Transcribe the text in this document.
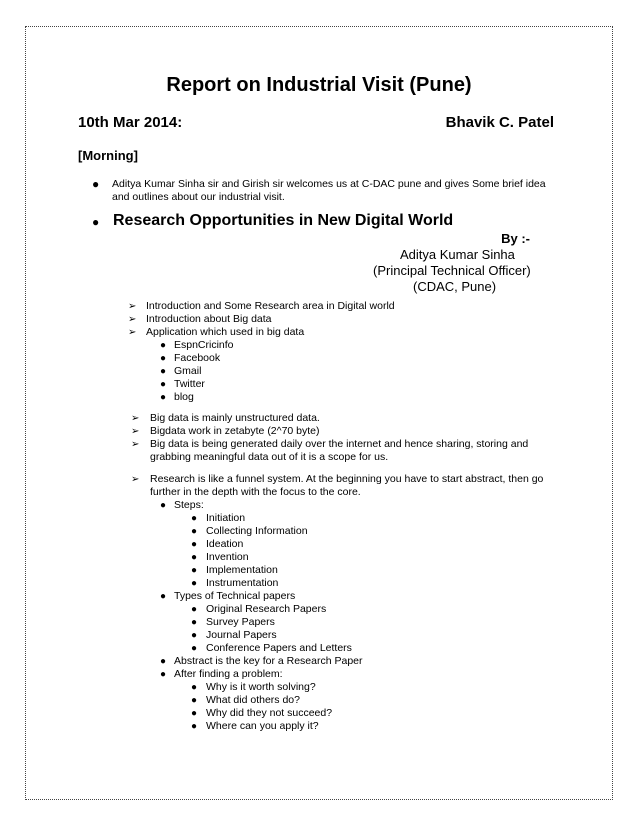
Report on Industrial Visit (Pune)
10th Mar 2014:	Bhavik C. Patel
[Morning]
● Aditya Kumar Sinha sir and Girish sir welcomes us at C-DAC pune and gives Some brief idea and outlines about our industrial visit.
● Research Opportunities in New Digital World
By :-
Aditya Kumar Sinha
(Principal Technical Officer)
(CDAC, Pune)
➢ Introduction and Some Research area in Digital world
➢ Introduction about Big data
➢ Application which used in big data
● EspnCricinfo
● Facebook
● Gmail
● Twitter
● blog
➢ Big data is mainly unstructured data.
➢ Bigdata work in zetabyte (2^70 byte)
➢ Big data is being generated daily over the internet and hence sharing, storing and
grabbing meaningful data out of it is a scope for us.
➢ Research is like a funnel system. At the beginning you have to start abstract, then go
further in the depth with the focus to the core.
● Steps:
● Initiation
● Collecting Information
● Ideation
● Invention
● Implementation
● Instrumentation
● Types of Technical papers
● Original Research Papers
● Survey Papers
● Journal Papers
● Conference Papers and Letters
● Abstract is the key for a Research Paper
● After finding a problem:
● Why is it worth solving?
● What did others do?
● Why did they not succeed?
● Where can you apply it?
